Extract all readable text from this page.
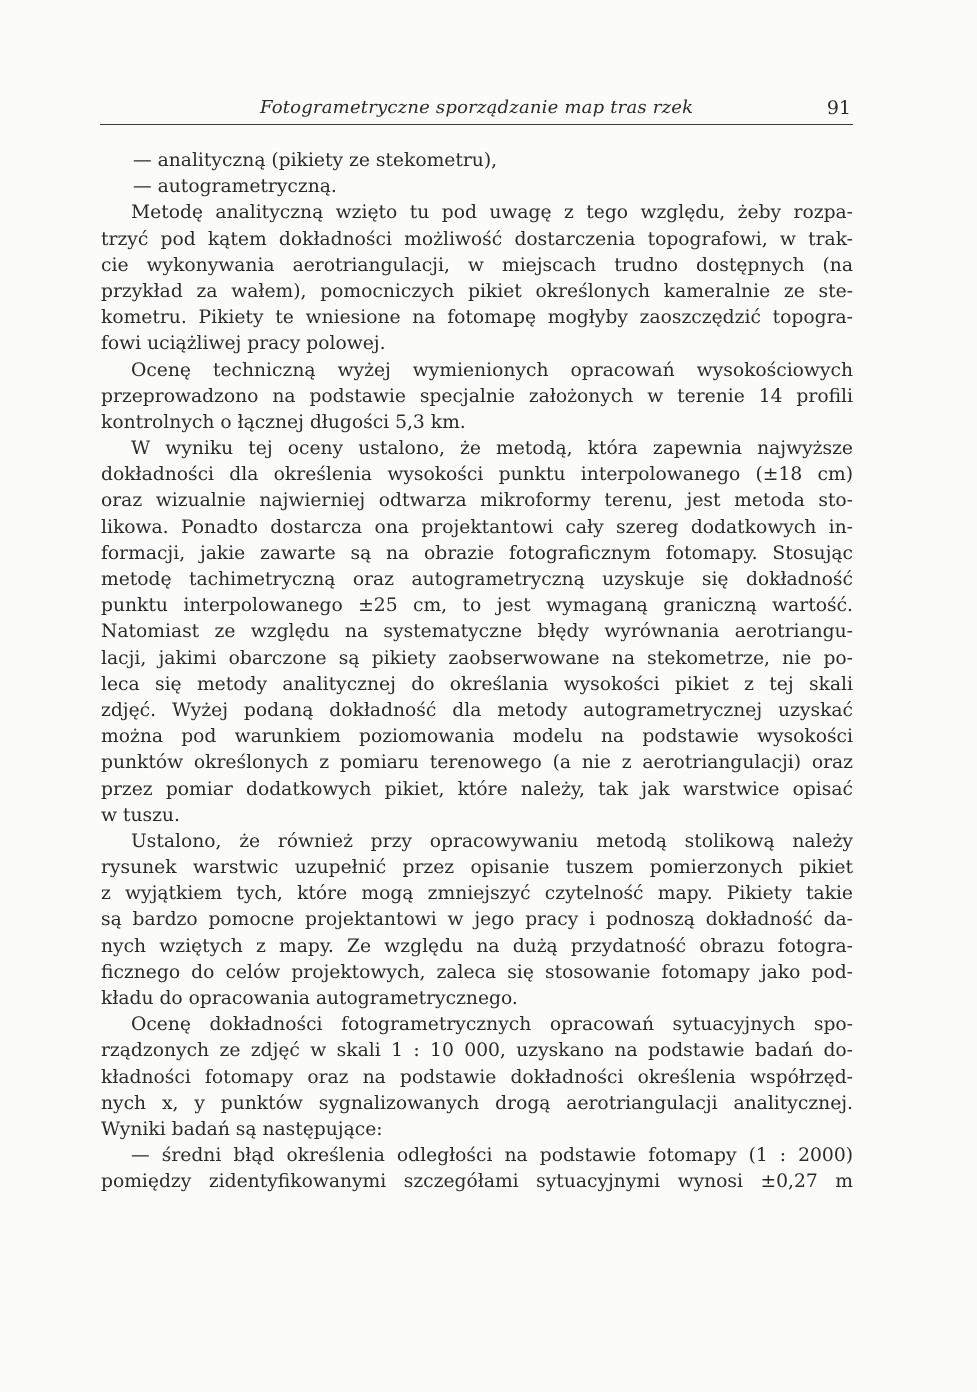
Fotogrametryczne sporządzanie map tras rzek	91
— analityczną (pikiety ze stekometru),
— autogrametryczną.
Metodę analityczną wzięto tu pod uwagę z tego względu, żeby rozpa-
trzyć pod kątem dokładności możliwość dostarczenia topografowi, w trak-
cie wykonywania aerotriangulacji, w miejscach trudno dostępnych (na
przykład za wałem), pomocniczych pikiet określonych kameralnie ze ste-
kometru. Pikiety te wniesione na fotomapę mogłyby zaoszczędzić topogra-
fowi uciążliwej pracy polowej.
Ocenę techniczną wyżej wymienionych opracowań wysokościowych
przeprowadzono na podstawie specjalnie założonych w terenie 14 profili
kontrolnych o łącznej długości 5,3 km.
W wyniku tej oceny ustalono, że metodą, która zapewnia najwyższe
dokładności dla określenia wysokości punktu interpolowanego (±18 cm)
oraz wizualnie najwierniej odtwarza mikroformy terenu, jest metoda sto-
likowa. Ponadto dostarcza ona projektantowi cały szereg dodatkowych in-
formacji, jakie zawarte są na obrazie fotograficznym fotomapy. Stosując
metodę tachimetryczną oraz autogrametryczną uzyskuje się dokładność
punktu interpolowanego ±25 cm, to jest wymaganą graniczną wartość.
Natomiast ze względu na systematyczne błędy wyrównania aerotriangu-
lacji, jakimi obarczone są pikiety zaobserwowane na stekometrze, nie po-
leca się metody analitycznej do określania wysokości pikiet z tej skali
zdjęć. Wyżej podaną dokładność dla metody autogrametrycznej uzyskać
można pod warunkiem poziomowania modelu na podstawie wysokości
punktów określonych z pomiaru terenowego (a nie z aerotriangulacji) oraz
przez pomiar dodatkowych pikiet, które należy, tak jak warstwice opisać
w tuszu.
Ustalono, że również przy opracowywaniu metodą stolikową należy
rysunek warstwic uzupełnić przez opisanie tuszem pomierzonych pikiet
z wyjątkiem tych, które mogą zmniejszyć czytelność mapy. Pikiety takie
są bardzo pomocne projektantowi w jego pracy i podnoszą dokładność da-
nych wziętych z mapy. Ze względu na dużą przydatność obrazu fotogra-
ficznego do celów projektowych, zaleca się stosowanie fotomapy jako pod-
kładu do opracowania autogrametrycznego.
Ocenę dokładności fotogrametrycznych opracowań sytuacyjnych spo-
rządzonych ze zdjęć w skali 1 : 10 000, uzyskano na podstawie badań do-
kładności fotomapy oraz na podstawie dokładności określenia współrzęd-
nych x, y punktów sygnalizowanych drogą aerotriangulacji analitycznej.
Wyniki badań są następujące:
— średni błąd określenia odległości na podstawie fotomapy (1 : 2000)
pomiędzy zidentyfikowanymi szczegółami sytuacyjnymi wynosi ±0,27 m
